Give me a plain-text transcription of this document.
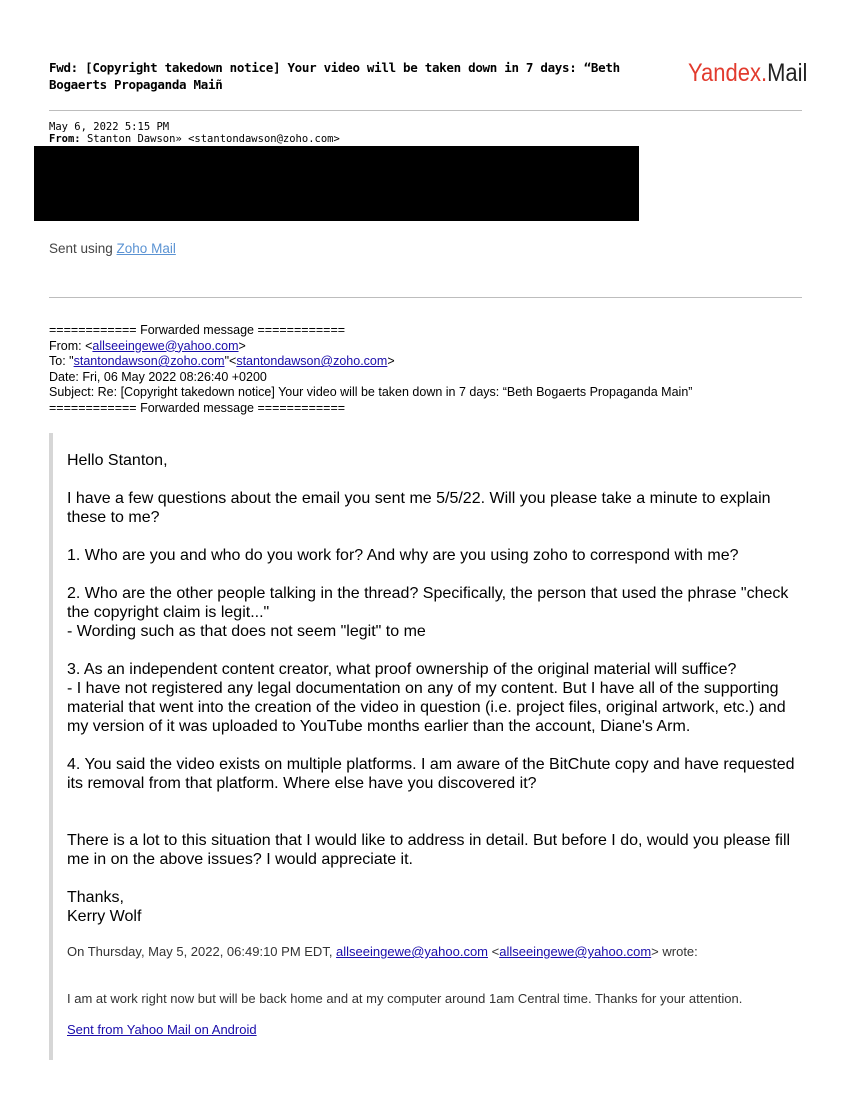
Fwd: [Copyright takedown notice] Your video will be taken down in 7 days: “Beth
Bogaerts Propaganda Maiñ	Yandex.Mail
May 6, 2022 5:15 PM
From: Stanton Dawson» <stantondawson@zoho.com>
Sent using Zoho Mail
============ Forwarded message ============
From: <allseeingewe@yahoo.com>
To: "stantondawson@zoho.com"<stantondawson@zoho.com>
Date: Fri, 06 May 2022 08:26:40 +0200
Subject: Re: [Copyright takedown notice] Your video will be taken down in 7 days: “Beth Bogaerts Propaganda Main”
============ Forwarded message ============

Hello Stanton,

I have a few questions about the email you sent me 5/5/22. Will you please take a minute to explain these to me?

1. Who are you and who do you work for? And why are you using zoho to correspond with me?

2. Who are the other people talking in the thread? Specifically, the person that used the phrase "check the copyright claim is legit..."

- Wording such as that does not seem "legit" to me

3. As an independent content creator, what proof ownership of the original material will suffice?

- I have not registered any legal documentation on any of my content. But I have all of the supporting material that went into the creation of the video in question (i.e. project files, original artwork, etc.) and my version of it was uploaded to YouTube months earlier than the account, Diane's Arm.

4. You said the video exists on multiple platforms. I am aware of the BitChute copy and have requested its removal from that platform. Where else have you discovered it?

There is a lot to this situation that I would like to address in detail. But before I do, would you please fill me in on the above issues? I would appreciate it.

Thanks,

Kerry Wolf

On Thursday, May 5, 2022, 06:49:10 PM EDT, allseeingewe@yahoo.com <allseeingewe@yahoo.com> wrote:
I am at work right now but will be back home and at my computer around 1am Central time. Thanks for your attention.
Sent from Yahoo Mail on Android
